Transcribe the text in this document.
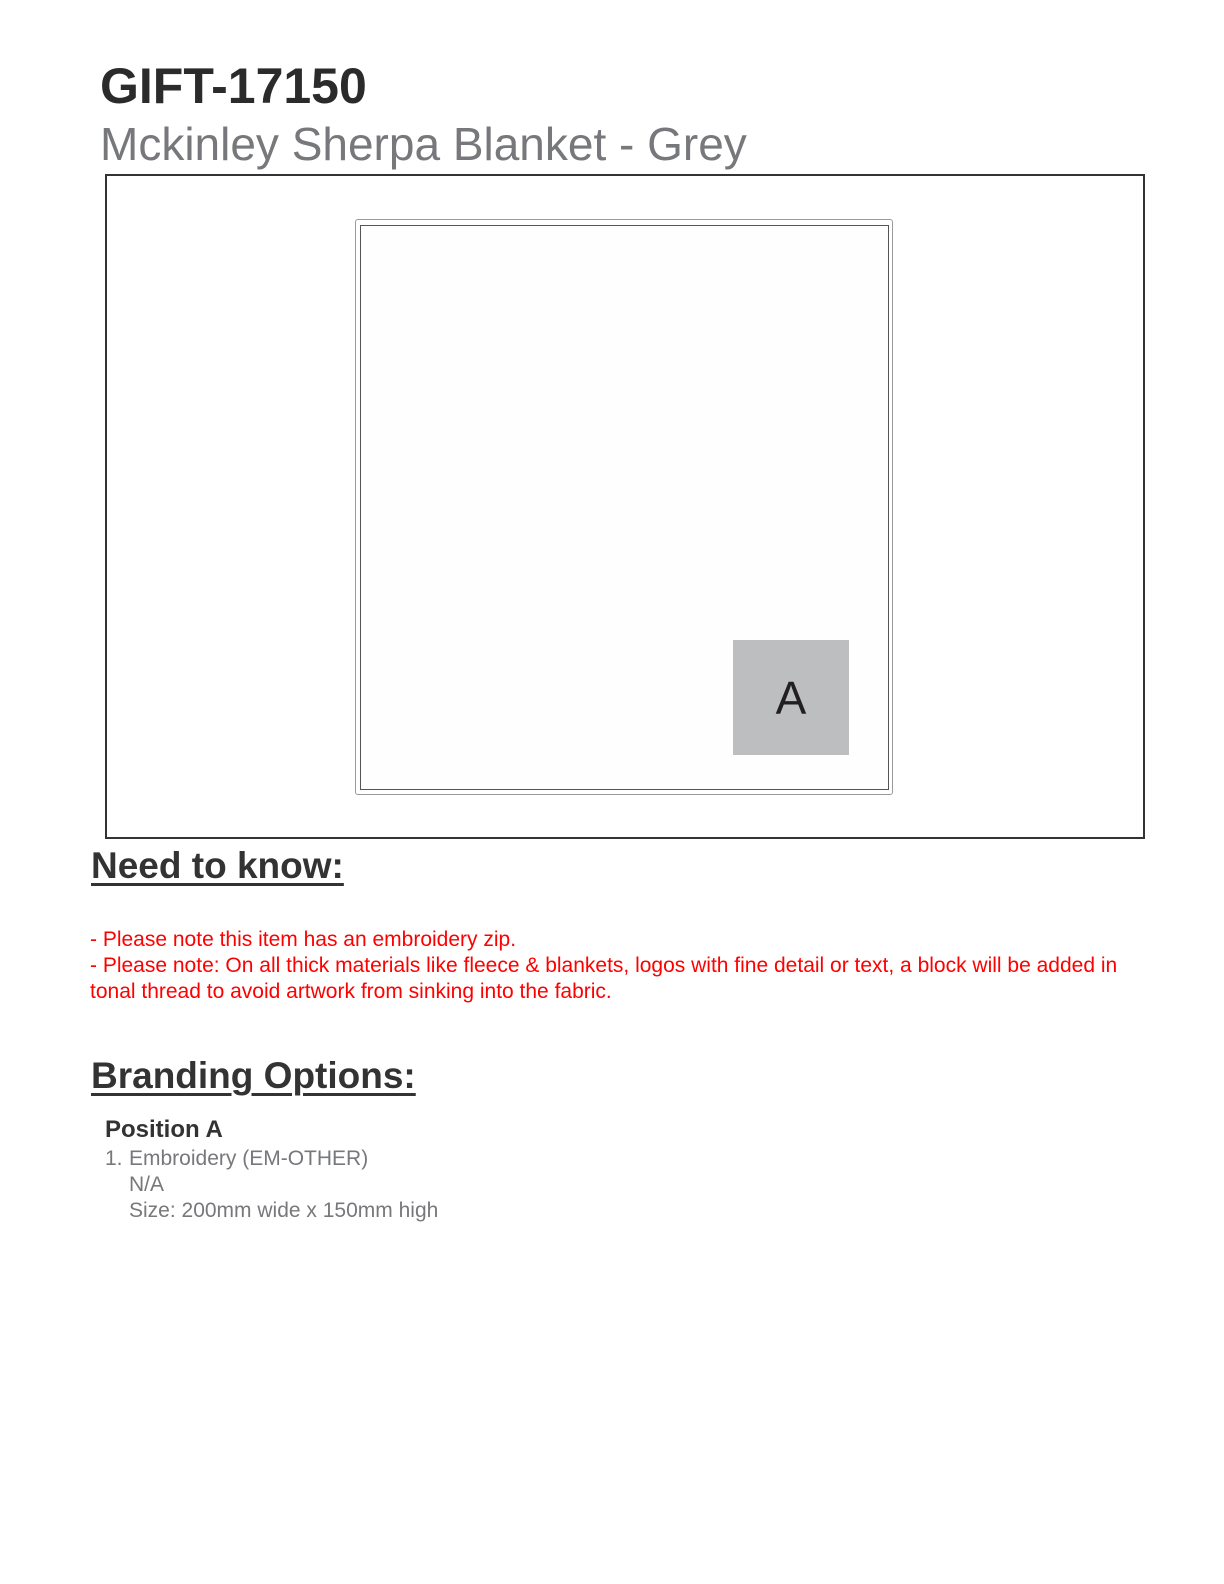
GIFT-17150
Mckinley Sherpa Blanket - Grey
A
Need to know:
- Please note this item has an embroidery zip.
- Please note: On all thick materials like fleece & blankets, logos with fine detail or text, a block will be added in tonal thread to avoid artwork from sinking into the fabric.
Branding Options:
Position A
1. Embroidery (EM-OTHER)
N/A
Size: 200mm wide x 150mm high
